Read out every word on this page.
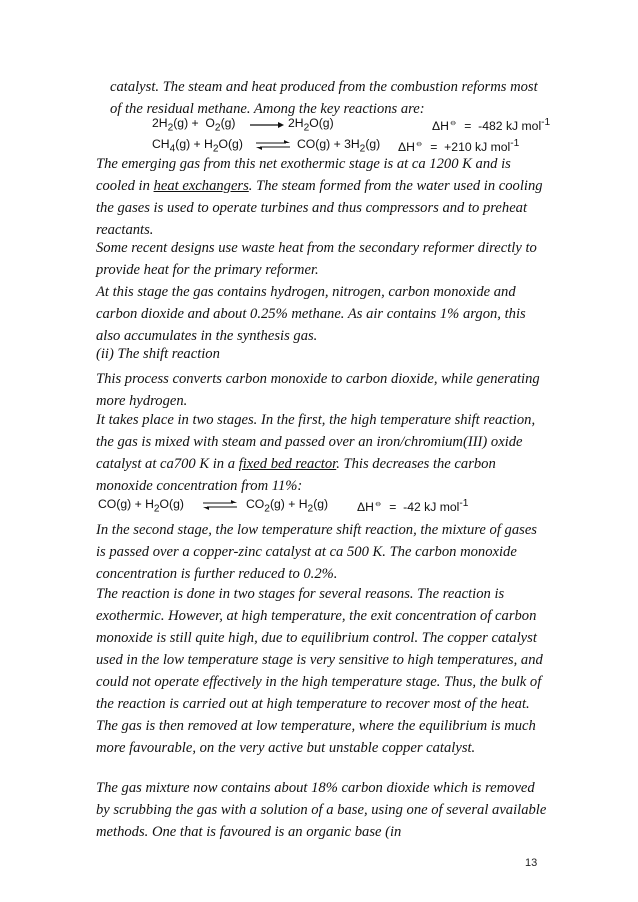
catalyst. The steam and heat produced from the combustion reforms most of the residual methane. Among the key reactions are:

$2H_2(g) + O_2(g)$	$2H_2O(g)$	ΔH⦵  =  -482 kJ mol$^{-1}$
$CH_4(g) + H_2O(g)$ ⇌ $CO(g) + 3H_2(g) \Delta H^⦵ = +210$ kJ mol$^{-1}$

The emerging gas from this net exothermic stage is at ca 1200 K and is cooled in heat exchangers. The steam formed from the water used in cooling the gases is used to operate turbines and thus compressors and to preheat reactants.

Some recent designs use waste heat from the secondary reformer directly to provide heat for the primary reformer.

At this stage the gas contains hydrogen, nitrogen, carbon monoxide and carbon dioxide and about 0.25% methane. As air contains 1% argon, this also accumulates in the synthesis gas.

(ii) The shift reaction

This process converts carbon monoxide to carbon dioxide, while generating more hydrogen.

It takes place in two stages. In the first, the high temperature shift reaction, the gas is mixed with steam and passed over an iron/chromium(III) oxide catalyst at ca700 K in a fixed bed reactor. This decreases the carbon monoxide concentration from 11%:

$CO(g) + H_2O(g)$ ⇌ $CO_2(g) + H_2(g) \Delta H^⦵ = -42$ kJ mol$^{-1}$

In the second stage, the low temperature shift reaction, the mixture of gases is passed over a copper-zinc catalyst at ca 500 K. The carbon monoxide concentration is further reduced to 0.2%.

The reaction is done in two stages for several reasons. The reaction is exothermic. However, at high temperature, the exit concentration of carbon monoxide is still quite high, due to equilibrium control. The copper catalyst used in the low temperature stage is very sensitive to high temperatures, and could not operate effectively in the high temperature stage. Thus, the bulk of the reaction is carried out at high temperature to recover most of the heat. The gas is then removed at low temperature, where the equilibrium is much more favourable, on the very active but unstable copper catalyst.

The gas mixture now contains about 18% carbon dioxide which is removed by scrubbing the gas with a solution of a base, using one of several available methods. One that is favoured is an organic base (in

13
